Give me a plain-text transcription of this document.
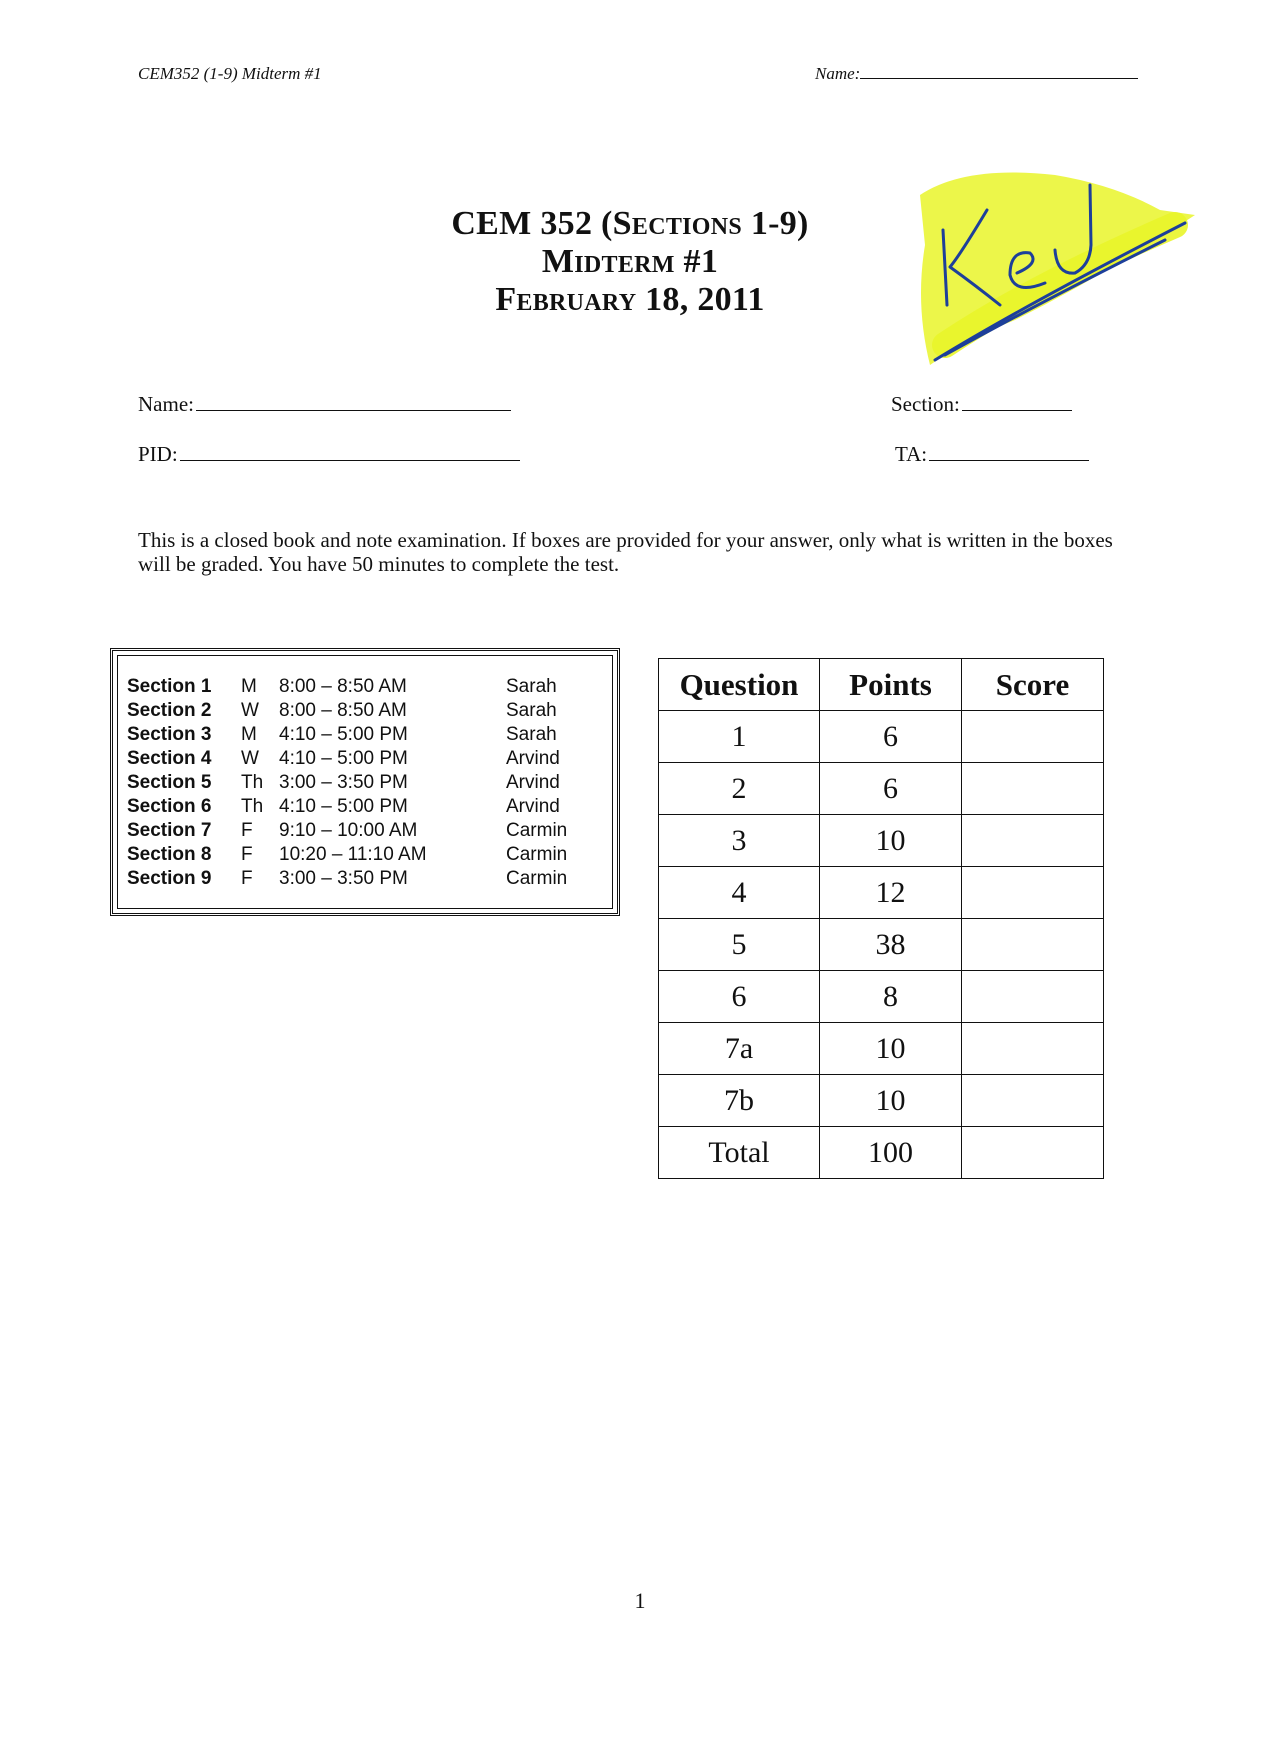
CEM352 (1-9) Midterm #1	Name:
CEM 352 (Sections 1-9)
Midterm #1
February 18, 2011
Key
Name:
PID:
Section:
TA:
This is a closed book and note examination. If boxes are provided for your answer, only what is written in the boxes will be graded. You have 50 minutes to complete the test.
Section 1	M	8:00 – 8:50 AM	Sarah
Section 2	W	8:00 – 8:50 AM	Sarah
Section 3	M	4:10 – 5:00 PM	Sarah
Section 4	W	4:10 – 5:00 PM	Arvind
Section 5	Th	3:00 – 3:50 PM	Arvind
Section 6	Th	4:10 – 5:00 PM	Arvind
Section 7	F	9:10 – 10:00 AM	Carmin
Section 8	F	10:20 – 11:10 AM	Carmin
Section 9	F	3:00 – 3:50 PM	Carmin
Question	Points	Score
1	6	
2	6	
3	10	
4	12	
5	38	
6	8	
7a	10	
7b	10	
Total	100	
1
